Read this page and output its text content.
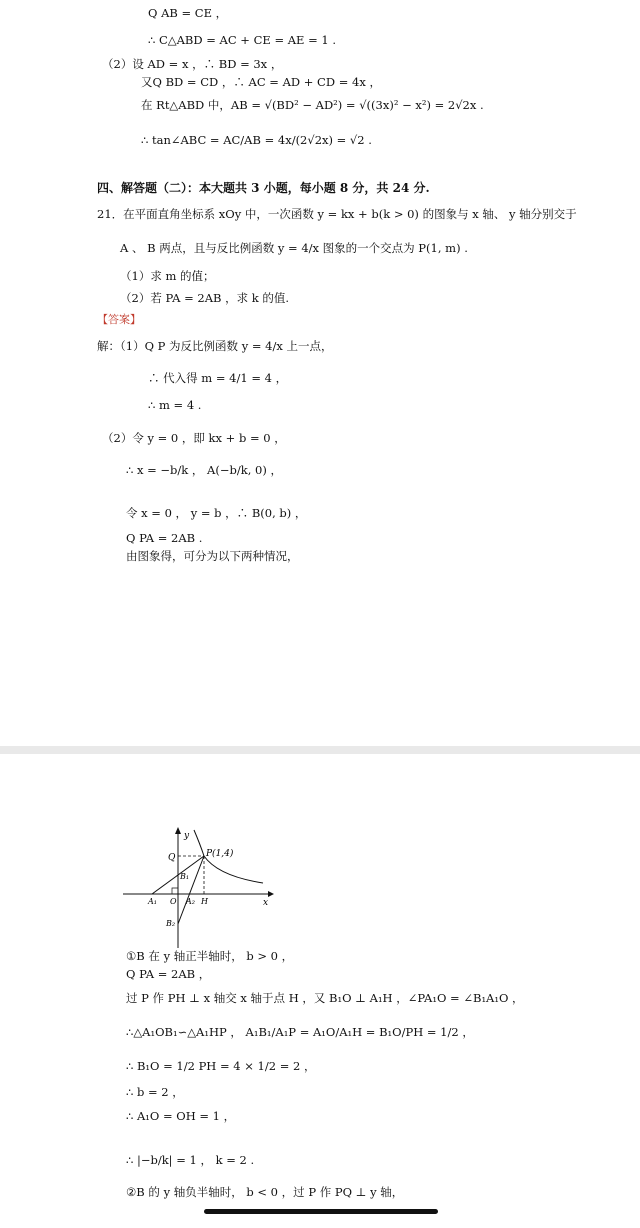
Q AB = CE ，
∴ C△ABD = AC + CE = AE = 1 .
（2）设 AD = x ，∴ BD = 3x ，
又Q BD = CD ，∴ AC = AD + CD = 4x ，
在 Rt△ABD 中，AB = √(BD² − AD²) = √((3x)² − x²) = 2√2x .
∴ tan∠ABC = AC/AB = 4x/(2√2x) = √2 .
四、解答题（二）：本大题共 3 小题，每小题 8 分，共 24 分.
21．在平面直角坐标系 xOy 中，一次函数 y = kx + b(k > 0) 的图象与 x 轴、 y 轴分别交于
A 、 B 两点，且与反比例函数 y = 4/x 图象的一个交点为 P(1, m) .
（1）求 m 的值；
（2）若 PA = 2AB ，求 k 的值.
【答案】
解：（1）Q P 为反比例函数 y = 4/x 上一点，
∴ 代入得 m = 4/1 = 4 ，
∴ m = 4 .
（2）令 y = 0 ，即 kx + b = 0 ，
∴ x = −b/k ， A(−b/k, 0) ，
令 x = 0 ， y = b ，∴ B(0, b) ，
Q PA = 2AB .
由图象得，可分为以下两种情况，
y
x
Q	P(1,4)
B₁
B₂
A₁ O A₂ H
①B 在 y 轴正半轴时， b > 0 ，
Q PA = 2AB ，
过 P 作 PH ⊥ x 轴交 x 轴于点 H ，又 B₁O ⊥ A₁H ，∠PA₁O = ∠B₁A₁O ，
∴△A₁OB₁∽△A₁HP ， A₁B₁/A₁P = A₁O/A₁H = B₁O/PH = 1/2 ，
∴ B₁O = 1/2 PH = 4 × 1/2 = 2 ，
∴ b = 2 ，
∴ A₁O = OH = 1 ，
∴ |−b/k| = 1 ， k = 2 .
②B 的 y 轴负半轴时， b < 0 ，过 P 作 PQ ⊥ y 轴，
